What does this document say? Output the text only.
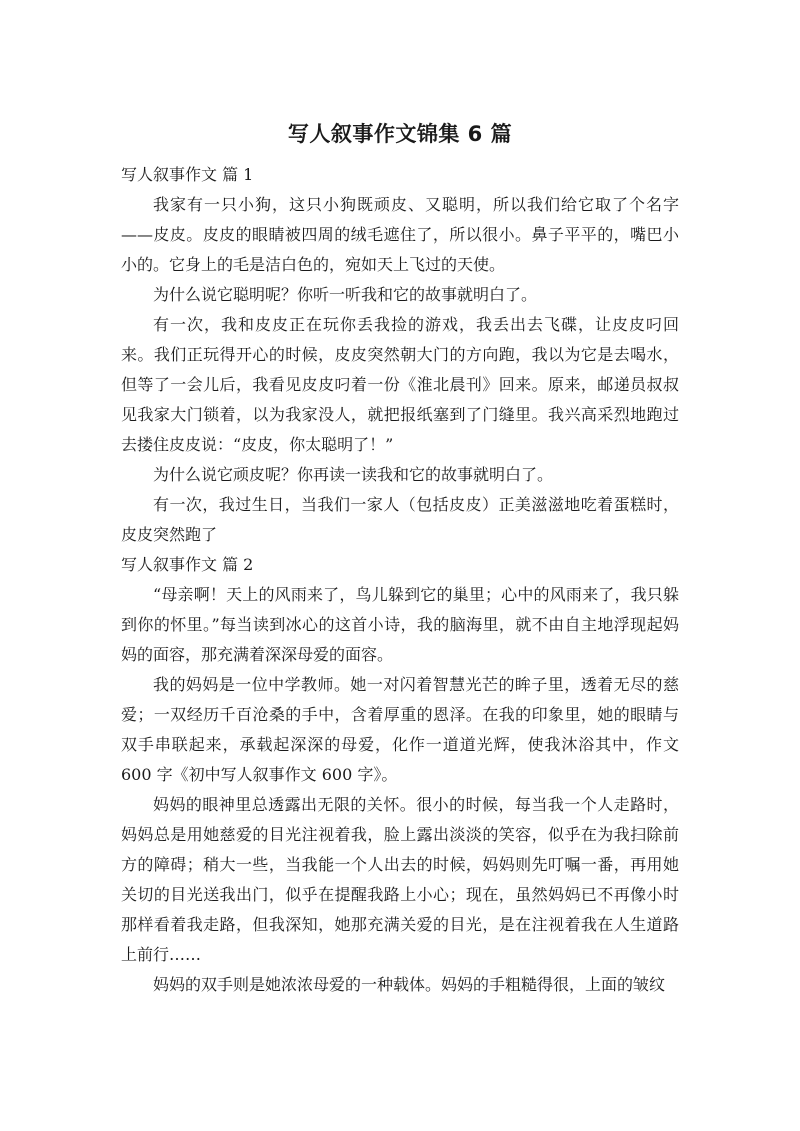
写人叙事作文锦集 6 篇

写人叙事作文 篇 1

我家有一只小狗，这只小狗既顽皮、又聪明，所以我们给它取了个名字——皮皮。皮皮的眼睛被四周的绒毛遮住了，所以很小。鼻子平平的，嘴巴小小的。它身上的毛是洁白色的，宛如天上飞过的天使。

为什么说它聪明呢？你听一听我和它的故事就明白了。

有一次，我和皮皮正在玩你丢我捡的游戏，我丢出去飞碟，让皮皮叼回来。我们正玩得开心的时候，皮皮突然朝大门的方向跑，我以为它是去喝水，但等了一会儿后，我看见皮皮叼着一份《淮北晨刊》回来。原来，邮递员叔叔见我家大门锁着，以为我家没人，就把报纸塞到了门缝里。我兴高采烈地跑过去搂住皮皮说：“皮皮，你太聪明了！”

为什么说它顽皮呢？你再读一读我和它的故事就明白了。

有一次，我过生日，当我们一家人（包括皮皮）正美滋滋地吃着蛋糕时，皮皮突然跑了

写人叙事作文 篇 2

“母亲啊！天上的风雨来了，鸟儿躲到它的巢里；心中的风雨来了，我只躲到你的怀里。”每当读到冰心的这首小诗，我的脑海里，就不由自主地浮现起妈妈的面容，那充满着深深母爱的面容。

我的妈妈是一位中学教师。她一对闪着智慧光芒的眸子里，透着无尽的慈爱；一双经历千百沧桑的手中，含着厚重的恩泽。在我的印象里，她的眼睛与双手串联起来，承载起深深的母爱，化作一道道光辉，使我沐浴其中，作文 600 字《初中写人叙事作文 600 字》。

妈妈的眼神里总透露出无限的关怀。很小的时候，每当我一个人走路时，妈妈总是用她慈爱的目光注视着我，脸上露出淡淡的笑容，似乎在为我扫除前方的障碍；稍大一些，当我能一个人出去的时候，妈妈则先叮嘱一番，再用她关切的目光送我出门，似乎在提醒我路上小心；现在，虽然妈妈已不再像小时那样看着我走路，但我深知，她那充满关爱的目光，是在注视着我在人生道路上前行……

妈妈的双手则是她浓浓母爱的一种载体。妈妈的手粗糙得很，上面的皱纹
